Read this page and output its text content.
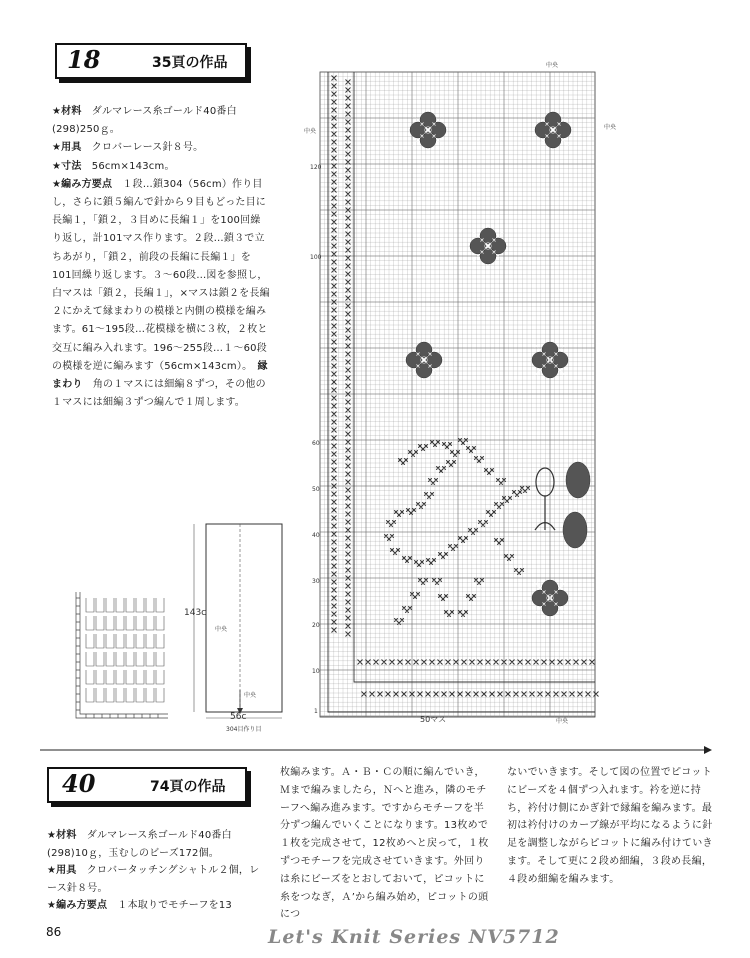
18	35頁の作品

★材料　 ダルマレース糸ゴールド40番白(298)250ｇ。

★用具　 クロバーレース針８号。

★寸法　 56cm×143cm。

★編み方要点　 １段…鎖304（56cm）作り目し，さらに鎖５編んで針から９目もどった目に長編１，「鎖２，３目めに長編１」を100回繰り返し，計101マス作ります。２段…鎖３で立ちあがり，「鎖２，前段の長編に長編１」を101回繰り返します。３〜60段…図を参照し，白マスは「鎖２，長編１」，×マスは鎖２を長編２にかえて縁まわりの模様と内側の模様を編みます。61〜195段…花模様を横に３枚，２枚と交互に編み入れます。196〜255段…１〜60段の模様を逆に編みます（56cm×143cm）。　 縁まわり　 角の１マスには細編８ずつ，その他の１マスには細編３ずつ編んで１周します。

143c
中央
中央
56c
304目作り目
中央
中央
中央
中央
50マス
120
100
60
50
40
30
20
10
1
40	74頁の作品

★材料　 ダルマレース糸ゴールド40番白(298)10ｇ，玉むしのビーズ172個。

★用具　 クロバータッチングシャトル２個，レース針８号。

★編み方要点　 １本取りでモチーフを13

枚編みます。Ａ・Ｂ・Ｃの順に編んでいき，Ｍまで編みましたら，Ｎへと進み，隣のモチーフへ編み進みます。ですからモチーフを半分ずつ編んでいくことになります。13枚めで１枚を完成させて，12枚めへと戻って，１枚ずつモチーフを完成させていきます。外回りは糸にビーズをとおしておいて，ピコットに糸をつなぎ，Ａ’から編み始め，ピコットの頭につ

ないでいきます。そして図の位置でピコットにビーズを４個ずつ入れます。衿を逆に持ち，衿付け側にかぎ針で縁編を編みます。最初は衿付けのカーブ線が平均になるように針足を調整しながらピコットに編み付けていきます。そして更に２段め細編，３段め長編，４段め細編を編みます。

86	Let's Knit Series NV5712
